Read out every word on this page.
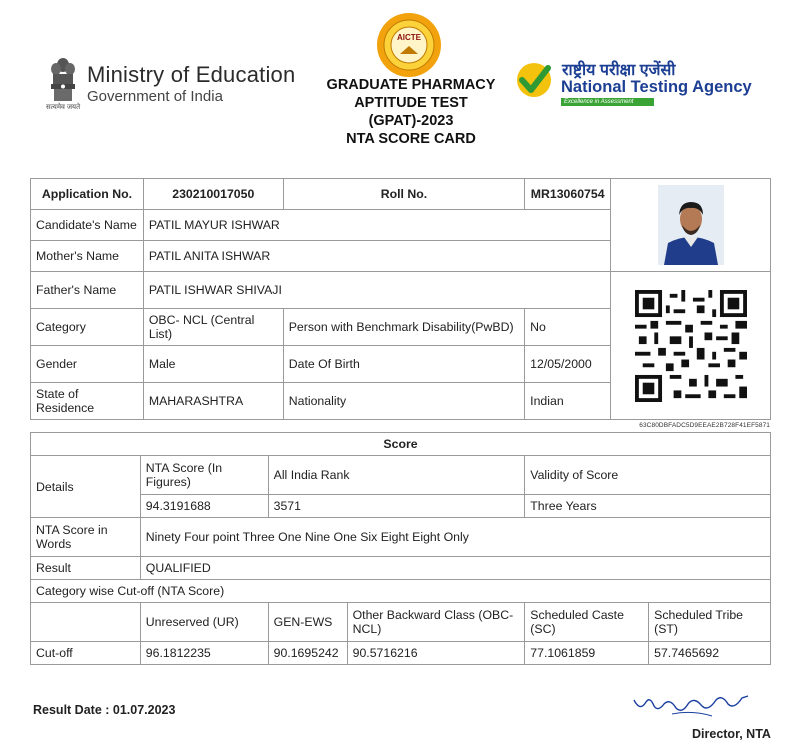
सत्यमेव जयते
Ministry of Education
Government of India
AICTE
GRADUATE PHARMACY
APTITUDE TEST
(GPAT)-2023
NTA SCORE CARD
राष्ट्रीय परीक्षा एजेंसी
National Testing Agency
Excellence in Assessment
Application No.	230210017050	Roll No.	MR13060754	

Candidate's Name	PATIL MAYUR ISHWAR			
Mother's Name	PATIL ANITA ISHWAR			
Father's Name	PATIL ISHWAR SHIVAJI	

Category	OBC- NCL (Central List)	Person with Benchmark Disability(PwBD)	No	
Gender	Male	Date Of Birth	12/05/2000	
State of Residence	MAHARASHTRA	Nationality	Indian	
63C80DBFADC5D9EEAE2B728F41EF5871
Score					
Details	NTA Score (In Figures)	All India Rank		Validity of Score	
	94.3191688	3571		Three Years	
NTA Score in Words	Ninety Four point Three One Nine One Six Eight Eight Only				
Result	QUALIFIED				
Category wise Cut-off (NTA Score)					
	Unreserved (UR)	GEN-EWS	Other Backward Class (OBC-NCL)	Scheduled Caste (SC)	Scheduled Tribe (ST)
Cut-off	96.1812235	90.1695242	90.5716216	77.1061859	57.7465692
Result Date : 01.07.2023
Director, NTA
